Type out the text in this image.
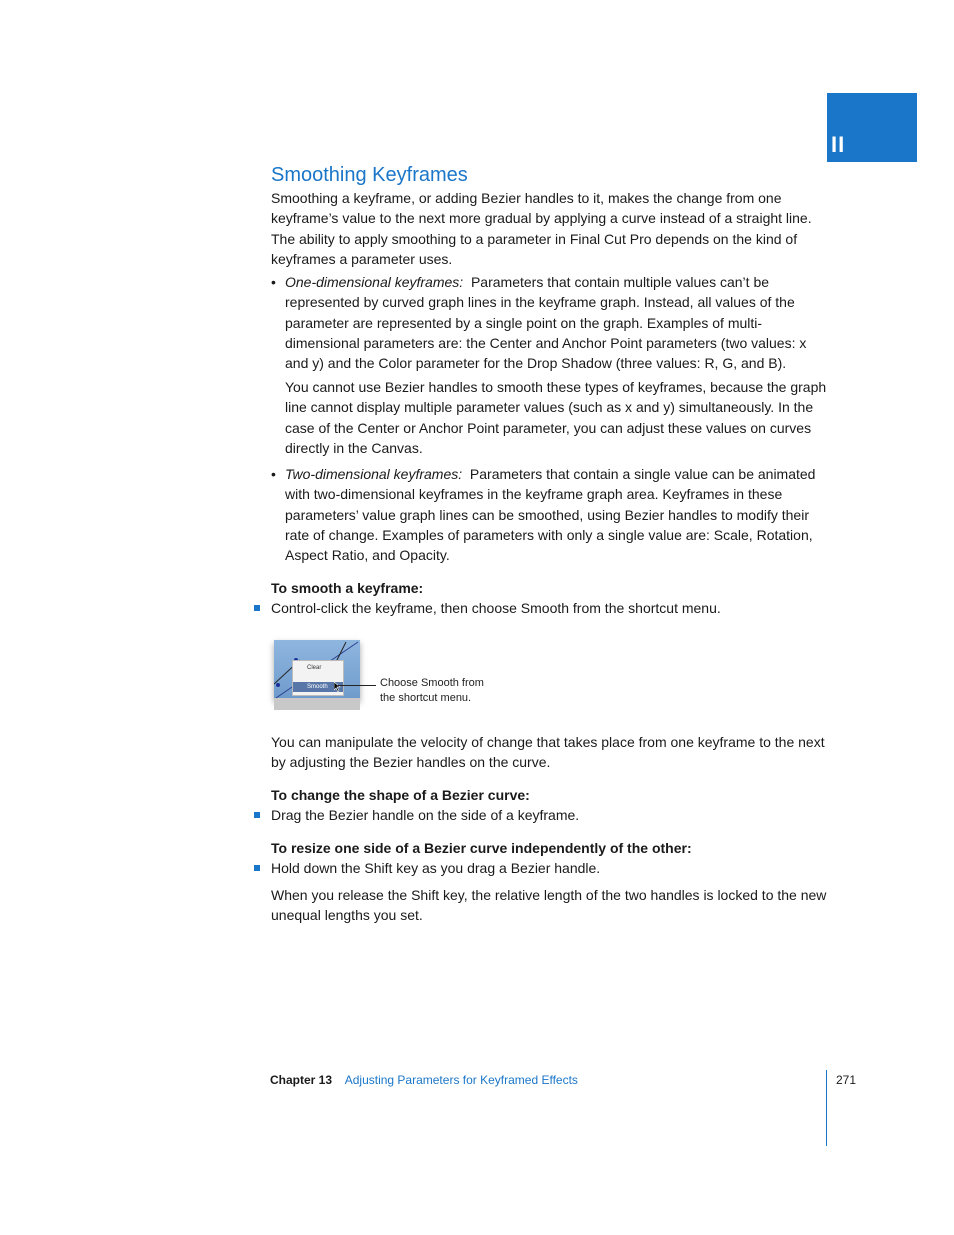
II
Smoothing Keyframes

Smoothing a keyframe, or adding Bezier handles to it, makes the change from one keyframe’s value to the next more gradual by applying a curve instead of a straight line. The ability to apply smoothing to a parameter in Final Cut Pro depends on the kind of keyframes a parameter uses.

• One-dimensional keyframes: Parameters that contain multiple values can’t be represented by curved graph lines in the keyframe graph. Instead, all values of the parameter are represented by a single point on the graph. Examples of multi-dimensional parameters are: the Center and Anchor Point parameters (two values: x and y) and the Color parameter for the Drop Shadow (three values: R, G, and B).

You cannot use Bezier handles to smooth these types of keyframes, because the graph line cannot display multiple parameter values (such as x and y) simultaneously. In the case of the Center or Anchor Point parameter, you can adjust these values on curves directly in the Canvas.

• Two-dimensional keyframes: Parameters that contain a single value can be animated with two-dimensional keyframes in the keyframe graph area. Keyframes in these parameters’ value graph lines can be smoothed, using Bezier handles to modify their rate of change. Examples of parameters with only a single value are: Scale, Rotation, Aspect Ratio, and Opacity.

To smooth a keyframe:

Control-click the keyframe, then choose Smooth from the shortcut menu.

You can manipulate the velocity of change that takes place from one keyframe to the next by adjusting the Bezier handles on the curve.

To change the shape of a Bezier curve:

Drag the Bezier handle on the side of a keyframe.

To resize one side of a Bezier curve independently of the other:

Hold down the Shift key as you drag a Bezier handle.

When you release the Shift key, the relative length of the two handles is locked to the new unequal lengths you set.

Clear
Smooth	Choose Smooth from
the shortcut menu.
Chapter 13 Adjusting Parameters for Keyframed Effects	271
